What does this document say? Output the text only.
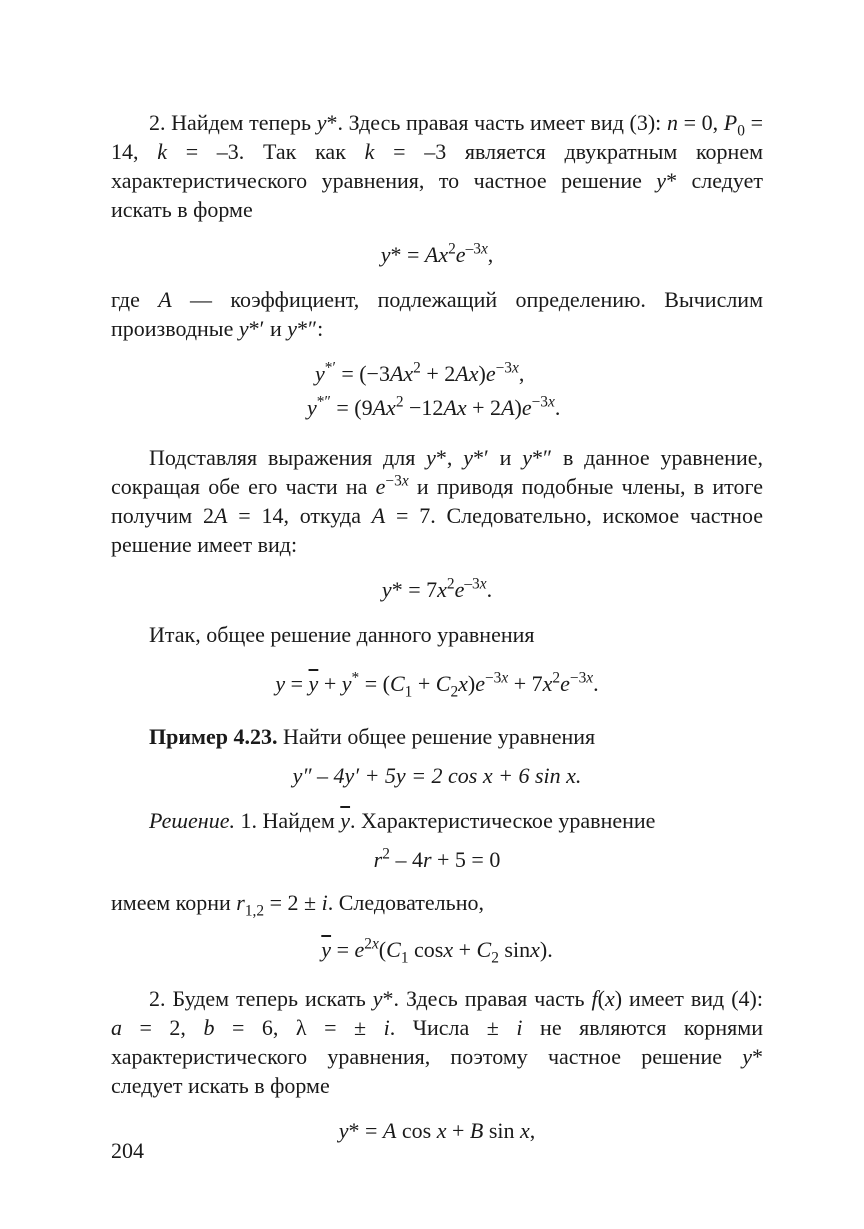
2. Найдем теперь y*. Здесь правая часть имеет вид (3): n = 0, $P_0 = 14$, k = –3. Так как k = –3 является двукратным корнем характеристического уравнения, то частное решение y* следует искать в форме

$y* = Ax^2e^{-3x}$,

где A — коэффициент, подлежащий определению. Вычислим производные y*′ и y*″:

$y^{*'} = (-3Ax^2 + 2Ax)e^{-3x}$,
$y^{*''} = (9Ax^2 -12Ax + 2A)e^{-3x}$.

Подставляя выражения для y*, y*′ и y*″ в данное уравнение, сокращая обе его части на $e^{-3x}$ и приводя подобные члены, в итоге получим 2A = 14, откуда A = 7. Следовательно, искомое частное решение имеет вид:

$y* = 7x^2e^{-3x}$.

Итак, общее решение данного уравнения

$y = \overline{y} + y^* = (C_1 + C_2x)e^{-3x} + 7x^2e^{-3x}$.

Пример 4.23. Найти общее решение уравнения

y″ – 4y′ + 5y = 2 cos x + 6 sin x.

Решение. 1. Найдем $\overline{y}$. Характеристическое уравнение

$r^2 - 4r + 5 = 0$

имеем корни $r_{1,2} = 2 \pm i$. Следовательно,

$\overline{y} = e^{2x}(C_1$ $\cos x + C_2$ sinx).

2. Будем теперь искать y*. Здесь правая часть f(x) имеет вид (4): a = 2, b = 6, λ = ± i. Числа ± i не являются корнями характеристического уравнения, поэтому частное решение y* следует искать в форме

y* = A cos x + B sin x,

204
